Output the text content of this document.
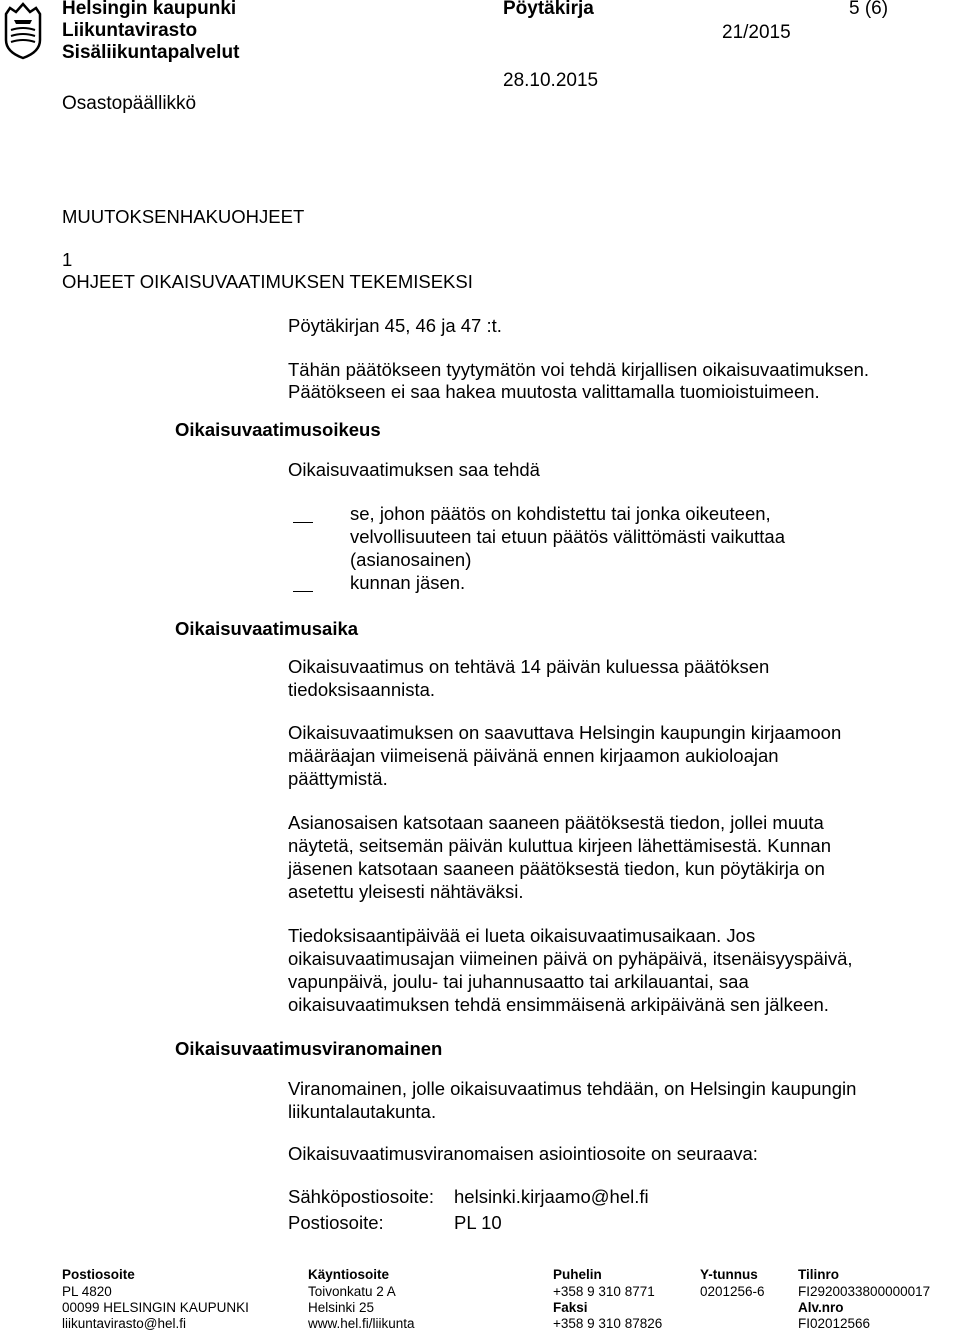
Helsingin kaupunki
Liikuntavirasto
Sisäliikuntapalvelut
Osastopäällikkö
Pöytäkirja	5 (6)
21/2015
28.10.2015
MUUTOKSENHAKUOHJEET
1
OHJEET OIKAISUVAATIMUKSEN TEKEMISEKSI
Pöytäkirjan 45, 46 ja 47 :t.
Tähän päätökseen tyytymätön voi tehdä kirjallisen oikaisuvaatimuksen.
Päätökseen ei saa hakea muutosta valittamalla tuomioistuimeen.
Oikaisuvaatimusoikeus
Oikaisuvaatimuksen saa tehdä
se, johon päätös on kohdistettu tai jonka oikeuteen,
velvollisuuteen tai etuun päätös välittömästi vaikuttaa
(asianosainen)
kunnan jäsen.
Oikaisuvaatimusaika
Oikaisuvaatimus on tehtävä 14 päivän kuluessa päätöksen
tiedoksisaannista.
Oikaisuvaatimuksen on saavuttava Helsingin kaupungin kirjaamoon
määräajan viimeisenä päivänä ennen kirjaamon aukioloajan
päättymistä.
Asianosaisen katsotaan saaneen päätöksestä tiedon, jollei muuta
näytetä, seitsemän päivän kuluttua kirjeen lähettämisestä. Kunnan
jäsenen katsotaan saaneen päätöksestä tiedon, kun pöytäkirja on
asetettu yleisesti nähtäväksi.
Tiedoksisaantipäivää ei lueta oikaisuvaatimusaikaan. Jos
oikaisuvaatimusajan viimeinen päivä on pyhäpäivä, itsenäisyyspäivä,
vapunpäivä, joulu- tai juhannusaatto tai arkilauantai, saa
oikaisuvaatimuksen tehdä ensimmäisenä arkipäivänä sen jälkeen.
Oikaisuvaatimusviranomainen
Viranomainen, jolle oikaisuvaatimus tehdään, on Helsingin kaupungin
liikuntalautakunta.
Oikaisuvaatimusviranomaisen asiointiosoite on seuraava:
Sähköpostiosoite: helsinki.kirjaamo@hel.fi
Postiosoite:	PL 10
Postiosoite
PL 4820
00099 HELSINGIN KAUPUNKI
liikuntavirasto@hel.fi
Käyntiosoite
Toivonkatu 2 A
Helsinki 25
www.hel.fi/liikunta
Puhelin
+358 9 310 8771
Faksi
+358 9 310 87826
Y-tunnus
0201256-6
Tilinro
FI2920033800000017
Alv.nro
FI02012566
